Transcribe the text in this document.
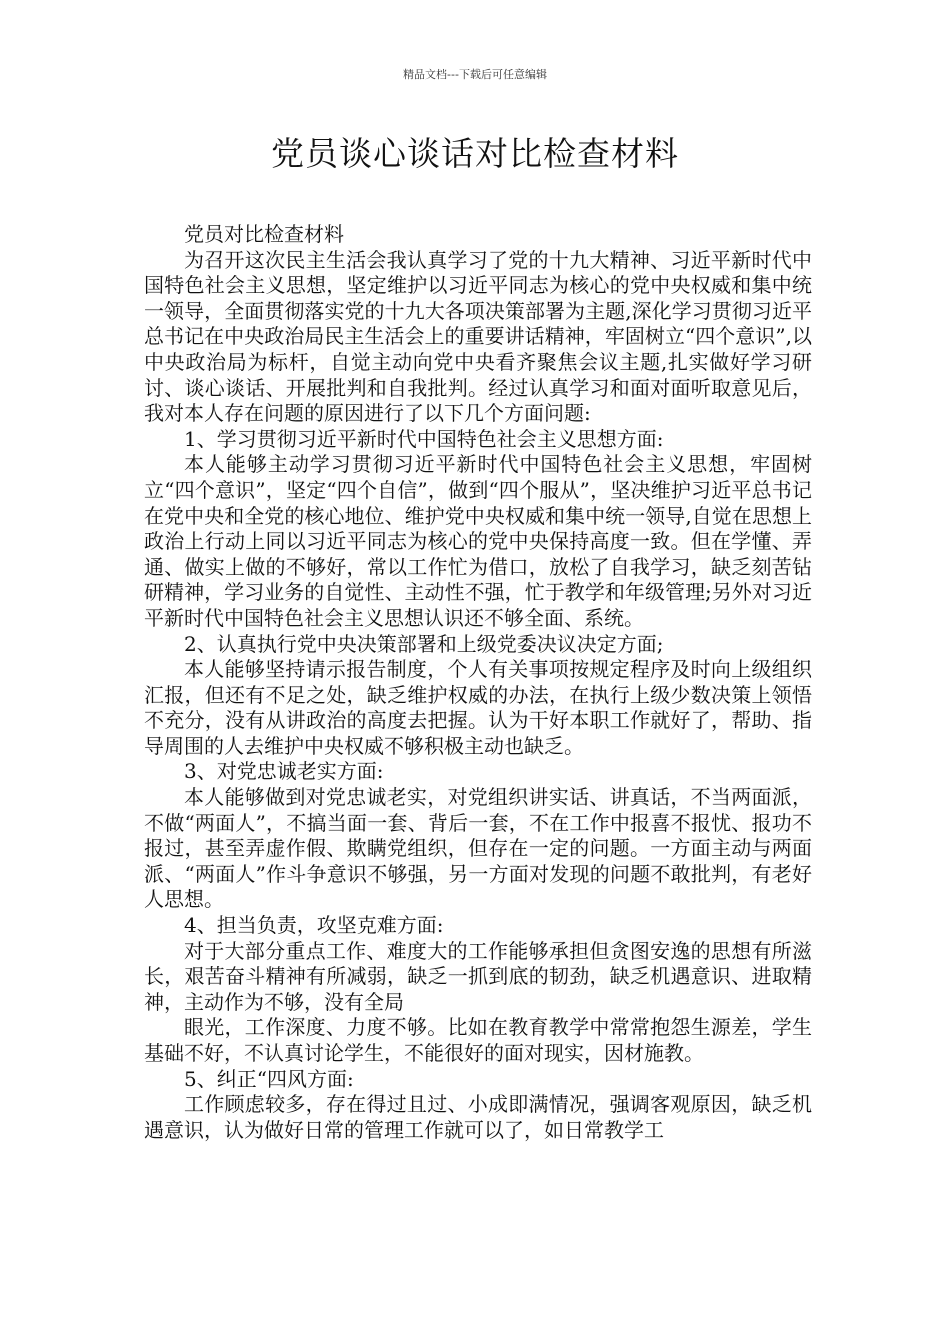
精品文档---下载后可任意编辑
党员谈心谈话对比检查材料

党员对比检查材料

为召开这次民主生活会我认真学习了党的十九大精神、习近平新时代中国特色社会主义思想，坚定维护以习近平同志为核心的党中央权威和集中统一领导，全面贯彻落实党的十九大各项决策部署为主题,深化学习贯彻习近平总书记在中央政治局民主生活会上的重要讲话精神，牢固树立“四个意识”,以中央政治局为标杆，自觉主动向党中央看齐聚焦会议主题,扎实做好学习研讨、谈心谈话、开展批判和自我批判。经过认真学习和面对面听取意见后，我对本人存在问题的原因进行了以下几个方面问题:

1、学习贯彻习近平新时代中国特色社会主义思想方面:

本人能够主动学习贯彻习近平新时代中国特色社会主义思想，牢固树立“四个意识”，坚定“四个自信”，做到“四个服从”，坚决维护习近平总书记在党中央和全党的核心地位、维护党中央权威和集中统一领导,自觉在思想上政治上行动上同以习近平同志为核心的党中央保持高度一致。但在学懂、弄通、做实上做的不够好，常以工作忙为借口，放松了自我学习，缺乏刻苦钻研精神，学习业务的自觉性、主动性不强，忙于教学和年级管理;另外对习近平新时代中国特色社会主义思想认识还不够全面、系统。

2、认真执行党中央决策部署和上级党委决议决定方面;

本人能够坚持请示报告制度，个人有关事项按规定程序及时向上级组织汇报，但还有不足之处，缺乏维护权威的办法，在执行上级少数决策上领悟不充分，没有从讲政治的高度去把握。认为干好本职工作就好了，帮助、指导周围的人去维护中央权威不够积极主动也缺乏。

3、对党忠诚老实方面:

本人能够做到对党忠诚老实，对党组织讲实话、讲真话，不当两面派，不做“两面人”，不搞当面一套、背后一套，不在工作中报喜不报忧、报功不报过，甚至弄虚作假、欺瞒党组织，但存在一定的问题。一方面主动与两面派、“两面人”作斗争意识不够强，另一方面对发现的问题不敢批判，有老好人思想。

4、担当负责，攻坚克难方面:

对于大部分重点工作、难度大的工作能够承担但贪图安逸的思想有所滋长，艰苦奋斗精神有所减弱，缺乏一抓到底的韧劲，缺乏机遇意识、进取精神，主动作为不够，没有全局

眼光，工作深度、力度不够。比如在教育教学中常常抱怨生源差，学生基础不好，不认真讨论学生，不能很好的面对现实，因材施教。

5、纠正“四风方面:

工作顾虑较多，存在得过且过、小成即满情况，强调客观原因，缺乏机遇意识，认为做好日常的管理工作就可以了，如日常教学工
